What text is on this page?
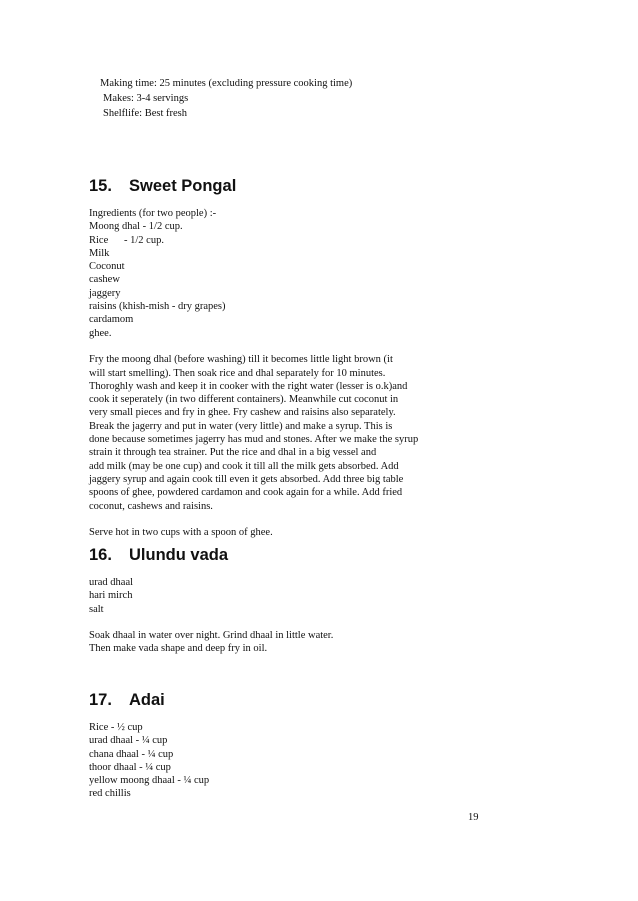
Making time: 25 minutes (excluding pressure cooking time)
Makes: 3-4 servings
Shelflife: Best fresh
15. Sweet Pongal
Ingredients (for two people) :-
Moong dhal - 1/2 cup.
Rice      - 1/2 cup.
Milk
Coconut
cashew
jaggery
raisins (khish-mish - dry grapes)
cardamom
ghee.
Fry the moong dhal (before washing) till it becomes little light brown (it
will start smelling). Then soak rice and dhal separately for 10 minutes.
Thoroghly wash and keep it in cooker with the right water (lesser is o.k)and
cook it seperately (in two different containers). Meanwhile cut coconut in
very small pieces and fry in ghee. Fry cashew and raisins also separately.
Break the jagerry and put in water (very little) and make a syrup. This is
done because sometimes jagerry has mud and stones. After we make the syrup
strain it through tea strainer. Put the rice and dhal in a big vessel and
add milk (may be one cup) and cook it till all the milk gets absorbed. Add
jaggery syrup and again cook till even it gets absorbed. Add three big table
spoons of ghee, powdered cardamon and cook again for a while. Add fried
coconut, cashews and raisins.
Serve hot in two cups with a spoon of ghee.
16. Ulundu vada
urad dhaal
hari mirch
salt
Soak dhaal in water over night. Grind dhaal in little water.
Then make vada shape and deep fry in oil.
17. Adai
Rice - ½ cup
urad dhaal - ¼ cup
chana dhaal - ¼ cup
thoor dhaal - ¼ cup
yellow moong dhaal - ¼ cup
red chillis
19
